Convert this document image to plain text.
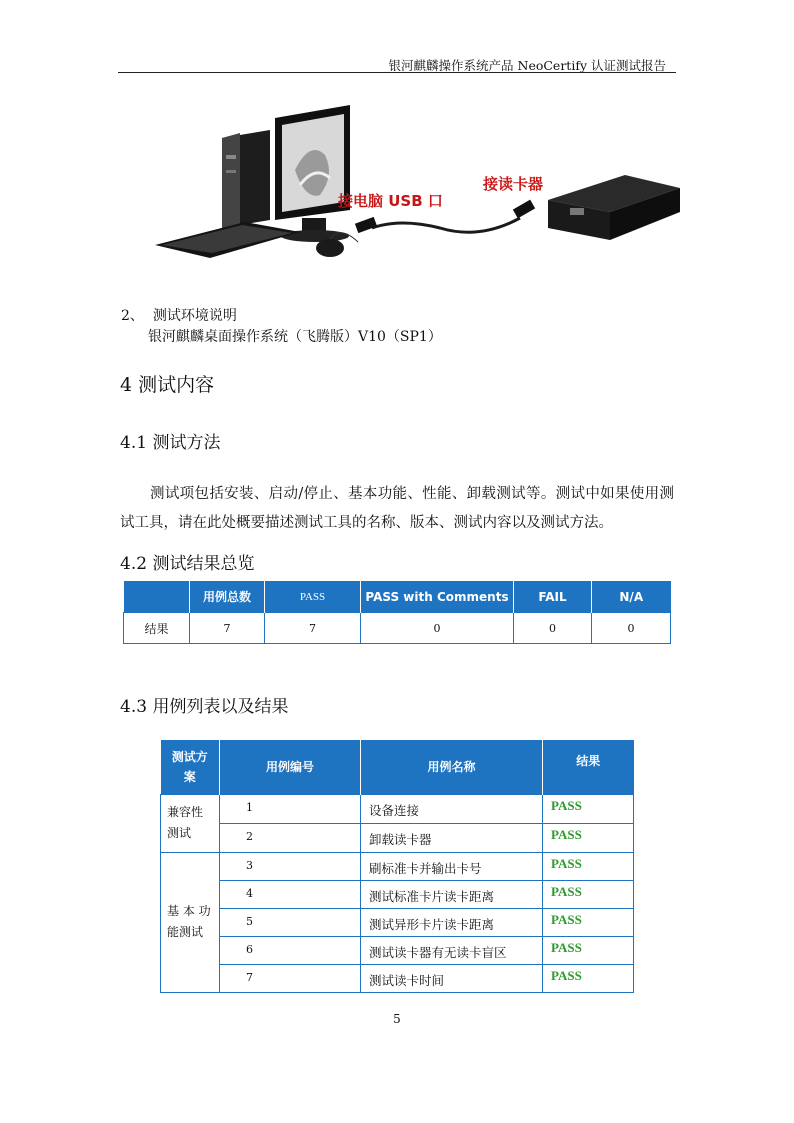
银河麒麟操作系统产品 NeoCertify 认证测试报告
接电脑 USB 口
接读卡器
2、 测试环境说明
银河麒麟桌面操作系统（飞腾版）V10（SP1）
4 测试内容
4.1 测试方法
测试项包括安装、启动/停止、基本功能、性能、卸载测试等。测试中如果使用测试工具，请在此处概要描述测试工具的名称、版本、测试内容以及测试方法。
4.2 测试结果总览
	用例总数	PASS	PASS with Comments	FAIL	N/A
结果	7	7	0	0	0
4.3 用例列表以及结果
测试方案	用例编号	用例名称	结果
兼容性测试	1	设备连接	PASS
	2	卸载读卡器	PASS
基 本 功 能测试	3	刷标准卡并输出卡号	PASS
	4	测试标准卡片读卡距离	PASS
	5	测试异形卡片读卡距离	PASS
	6	测试读卡器有无读卡盲区	PASS
	7	测试读卡时间	PASS
5
